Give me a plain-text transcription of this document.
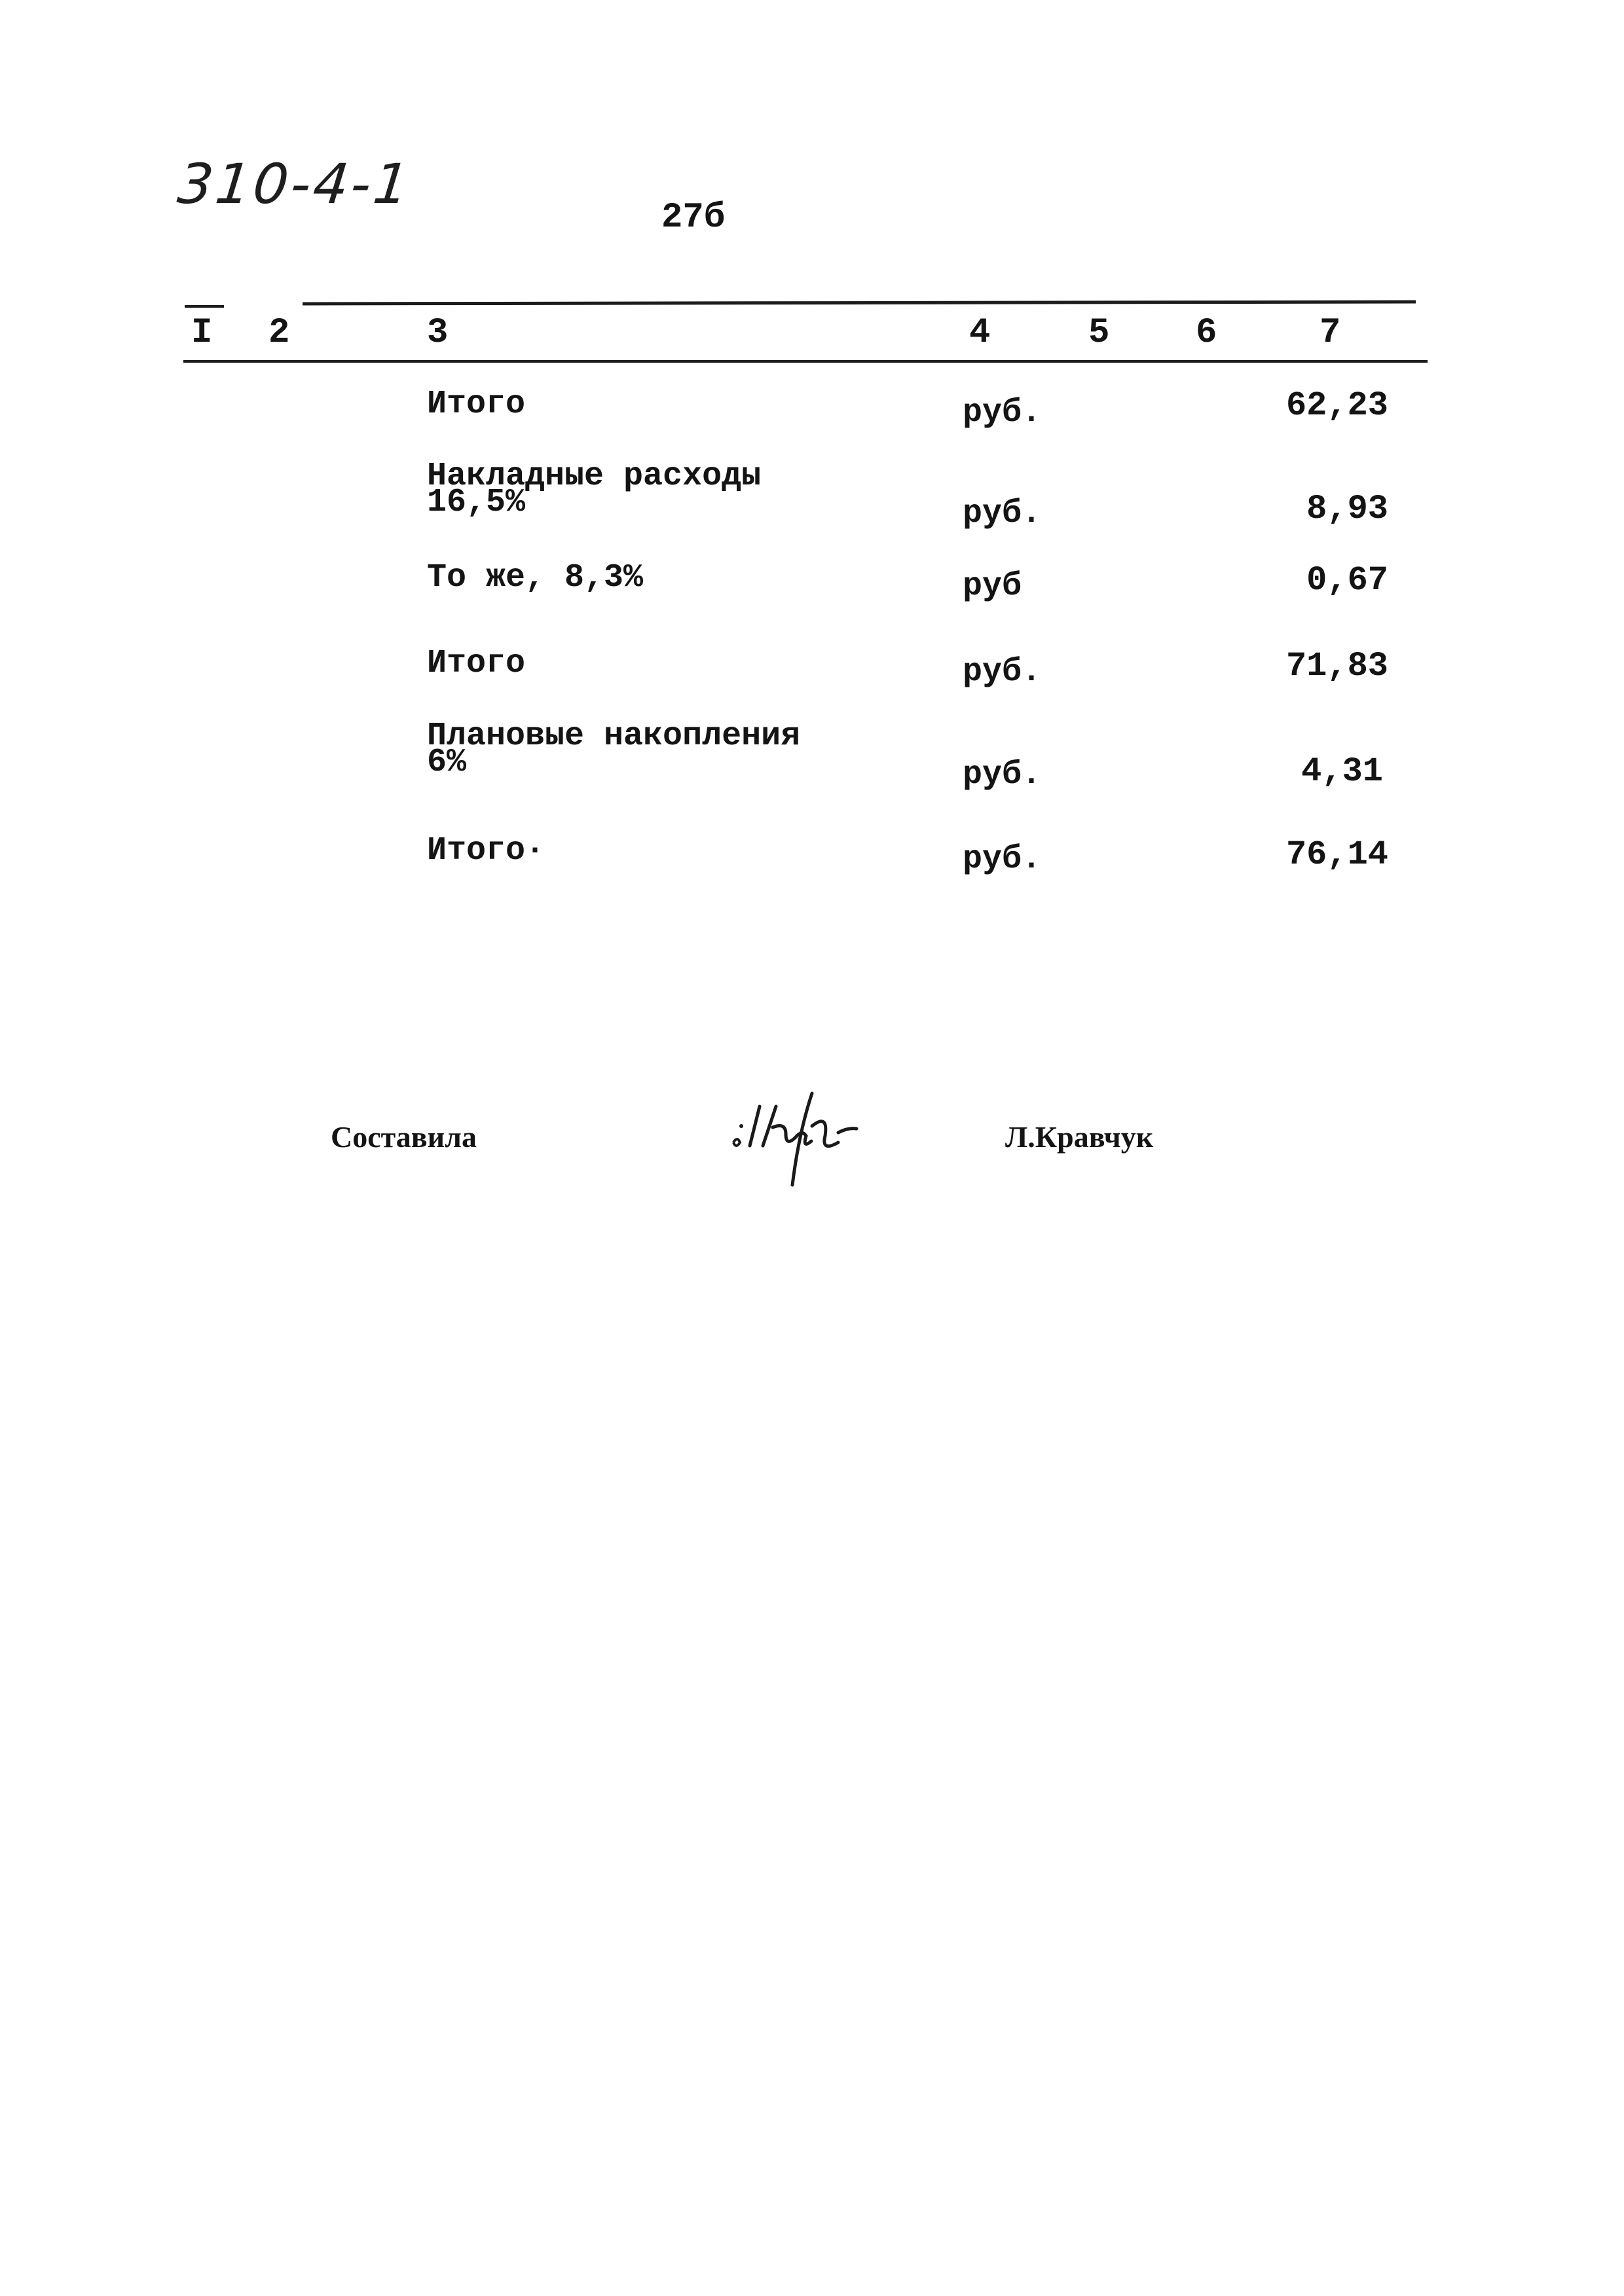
310-4-1
27б
I 2	3	4	5 6	7
Итого	руб.	62,23
Накладные расходы
16,5%	руб.	8,93
То же, 8,3%	руб	0,67
Итого	руб.	71,83
Плановые накопления
6%	руб.	4,31
Итого·	руб.	76,14
Составила	Л.Кравчук
